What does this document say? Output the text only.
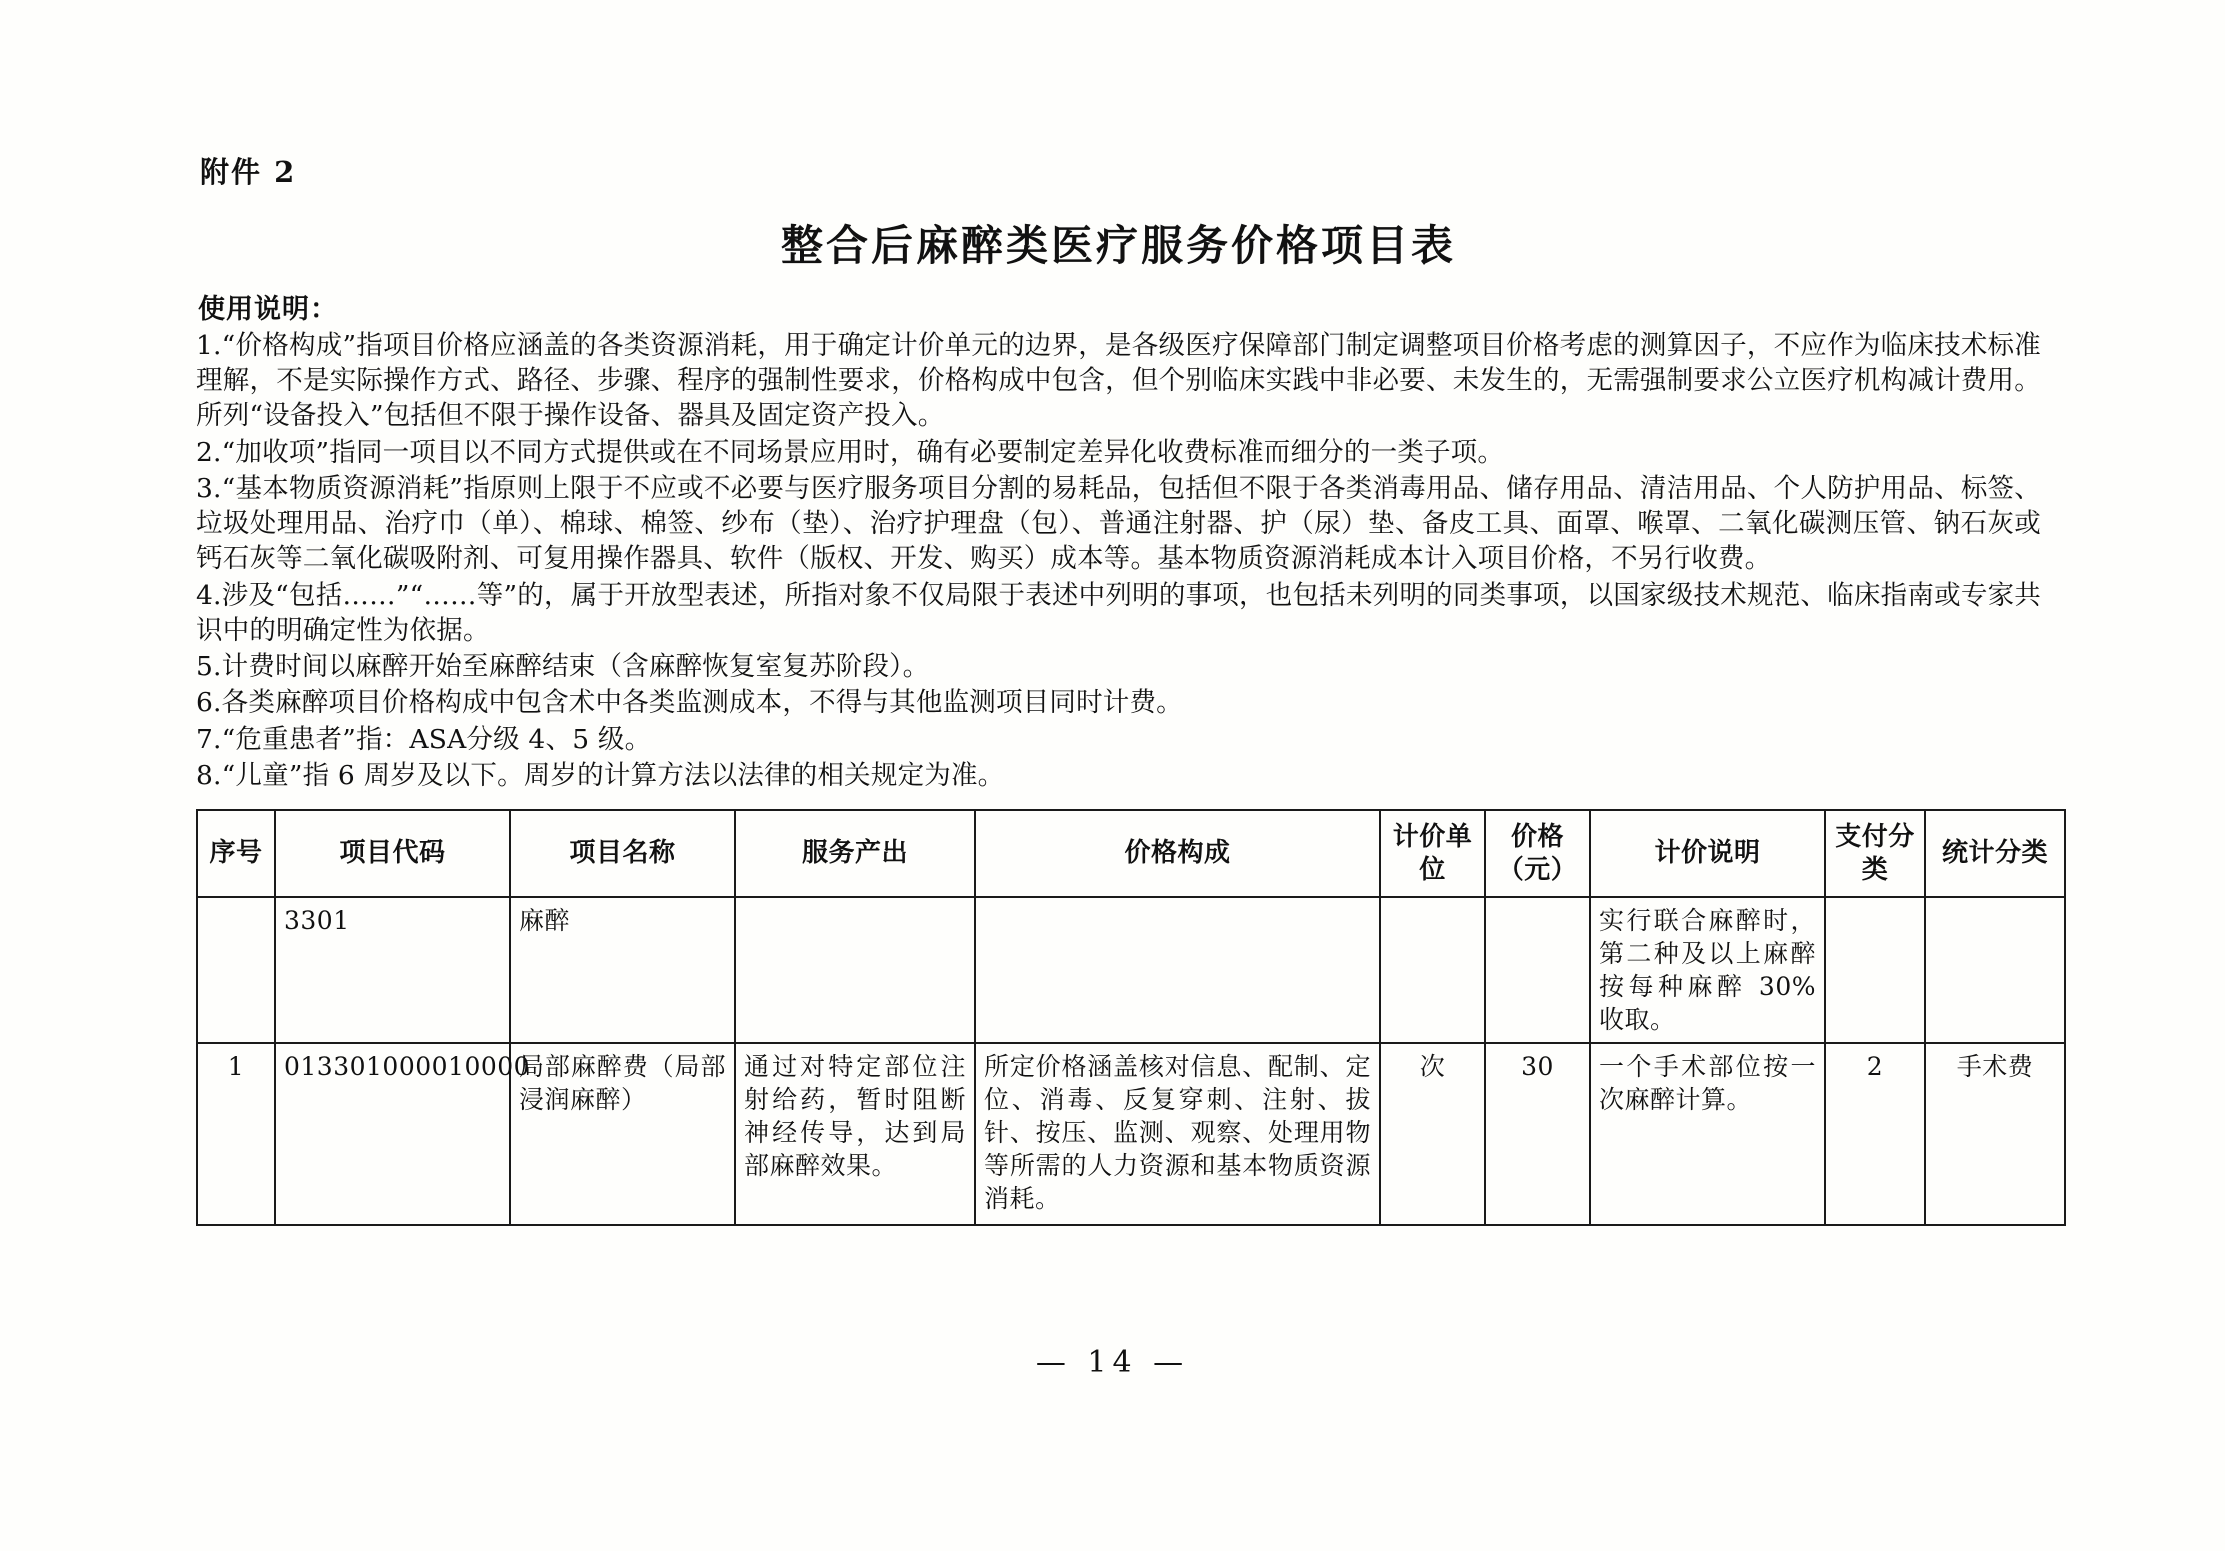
附件 2
整合后麻醉类医疗服务价格项目表
使用说明：

1.“价格构成”指项目价格应涵盖的各类资源消耗，用于确定计价单元的边界，是各级医疗保障部门制定调整项目价格考虑的测算因子，不应作为临床技术标准理解，不是实际操作方式、路径、步骤、程序的强制性要求，价格构成中包含，但个别临床实践中非必要、未发生的，无需强制要求公立医疗机构减计费用。所列“设备投入”包括但不限于操作设备、器具及固定资产投入。

2.“加收项”指同一项目以不同方式提供或在不同场景应用时，确有必要制定差异化收费标准而细分的一类子项。

3.“基本物质资源消耗”指原则上限于不应或不必要与医疗服务项目分割的易耗品，包括但不限于各类消毒用品、储存用品、清洁用品、个人防护用品、标签、垃圾处理用品、治疗巾（单）、棉球、棉签、纱布（垫）、治疗护理盘（包）、普通注射器、护（尿）垫、备皮工具、面罩、喉罩、二氧化碳测压管、钠石灰或钙石灰等二氧化碳吸附剂、可复用操作器具、软件（版权、开发、购买）成本等。基本物质资源消耗成本计入项目价格，不另行收费。

4.涉及“包括……”“……等”的，属于开放型表述，所指对象不仅局限于表述中列明的事项，也包括未列明的同类事项，以国家级技术规范、临床指南或专家共识中的明确定性为依据。

5.计费时间以麻醉开始至麻醉结束（含麻醉恢复室复苏阶段）。

6.各类麻醉项目价格构成中包含术中各类监测成本，不得与其他监测项目同时计费。

7.“危重患者”指：ASA分级 4、5 级。

8.“儿童”指 6 周岁及以下。周岁的计算方法以法律的相关规定为准。

序号	项目代码	项目名称	服务产出	价格构成	计价单位	价格（元）	计价说明	支付分类	统计分类
	3301	麻醉					实行联合麻醉时，第二种及以上麻醉按每种麻醉 30%收取。		
1	013301000010000	局部麻醉费（局部浸润麻醉）	通过对特定部位注射给药，暂时阻断神经传导，达到局部麻醉效果。	所定价格涵盖核对信息、配制、定位、消毒、反复穿刺、注射、拔针、按压、监测、观察、处理用物等所需的人力资源和基本物质资源消耗。	次	30	一个手术部位按一次麻醉计算。	2	手术费
— 14 —
